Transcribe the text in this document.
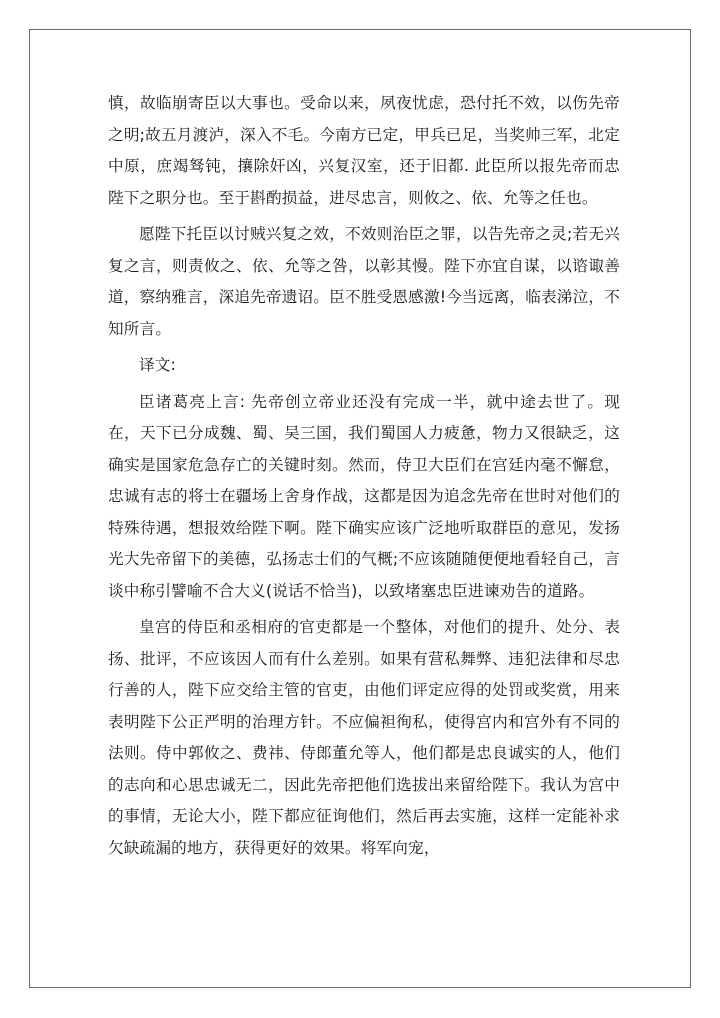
慎，故临崩寄臣以大事也。受命以来，夙夜忧虑，恐付托不效，以伤先帝之明;故五月渡泸，深入不毛。今南方已定，甲兵已足，当奖帅三军，北定中原，庶竭驽钝，攘除奸凶，兴复汉室，还于旧都. 此臣所以报先帝而忠陛下之职分也。至于斟酌损益，进尽忠言，则攸之、依、允等之任也。

愿陛下托臣以讨贼兴复之效，不效则治臣之罪，以告先帝之灵;若无兴复之言，则责攸之、依、允等之咎，以彰其慢。陛下亦宜自谋，以谘诹善道，察纳雅言，深追先帝遗诏。臣不胜受恩感激!今当远离，临表涕泣，不知所言。

译文:

臣诸葛亮上言: 先帝创立帝业还没有完成一半，就中途去世了。现在，天下已分成魏、蜀、吴三国，我们蜀国人力疲惫，物力又很缺乏，这确实是国家危急存亡的关键时刻。然而，侍卫大臣们在宫廷内毫不懈怠，忠诚有志的将士在疆场上舍身作战，这都是因为追念先帝在世时对他们的特殊待遇，想报效给陛下啊。陛下确实应该广泛地听取群臣的意见，发扬光大先帝留下的美德，弘扬志士们的气概;不应该随随便便地看轻自己，言谈中称引譬喻不合大义(说话不恰当)，以致堵塞忠臣进谏劝告的道路。

皇宫的侍臣和丞相府的官吏都是一个整体，对他们的提升、处分、表扬、批评，不应该因人而有什么差别。如果有营私舞弊、违犯法律和尽忠行善的人，陛下应交给主管的官吏，由他们评定应得的处罚或奖赏，用来表明陛下公正严明的治理方针。不应偏袒徇私，使得宫内和宫外有不同的法则。侍中郭攸之、费祎、侍郎董允等人，他们都是忠良诚实的人，他们的志向和心思忠诚无二，因此先帝把他们选拔出来留给陛下。我认为宫中的事情，无论大小，陛下都应征询他们，然后再去实施，这样一定能补求欠缺疏漏的地方，获得更好的效果。将军向宠，
